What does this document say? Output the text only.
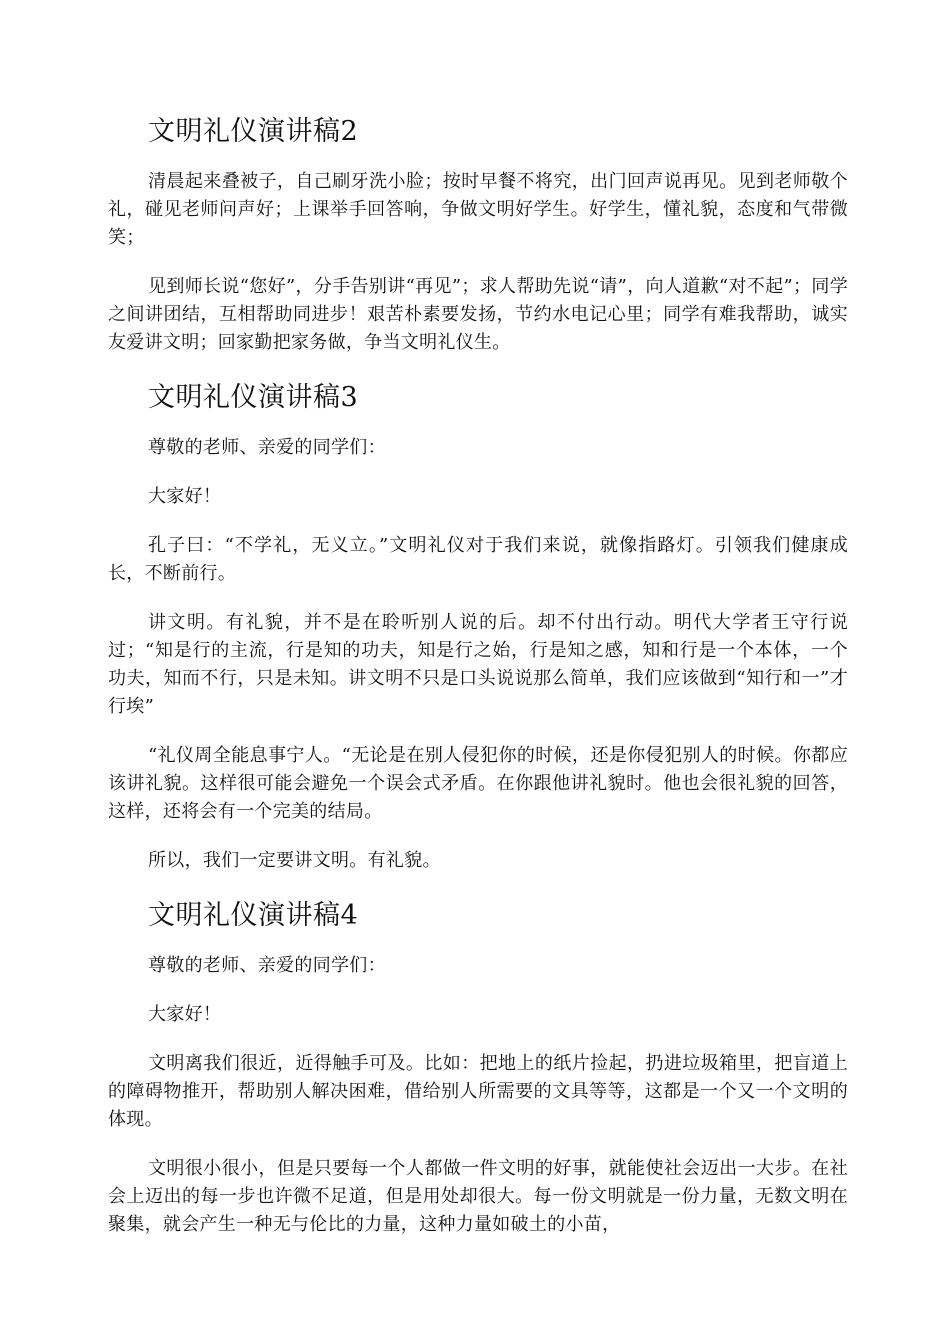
文明礼仪演讲稿2

清晨起来叠被子，自己刷牙洗小脸；按时早餐不将究，出门回声说再见。见到老师敬个礼，碰见老师问声好；上课举手回答响，争做文明好学生。好学生，懂礼貌，态度和气带微笑；

见到师长说“您好”，分手告别讲“再见”；求人帮助先说“请”，向人道歉“对不起”；同学之间讲团结，互相帮助同进步！艰苦朴素要发扬，节约水电记心里；同学有难我帮助，诚实友爱讲文明；回家勤把家务做，争当文明礼仪生。

文明礼仪演讲稿3

尊敬的老师、亲爱的同学们：

大家好！

孔子曰：“不学礼，无义立。”文明礼仪对于我们来说，就像指路灯。引领我们健康成长，不断前行。

讲文明。有礼貌，并不是在聆听别人说的后。却不付出行动。明代大学者王守行说过；“知是行的主流，行是知的功夫，知是行之始，行是知之感，知和行是一个本体，一个功夫，知而不行，只是未知。讲文明不只是口头说说那么简单，我们应该做到“知行和一”才行埃”

“礼仪周全能息事宁人。“无论是在别人侵犯你的时候，还是你侵犯别人的时候。你都应该讲礼貌。这样很可能会避免一个误会式矛盾。在你跟他讲礼貌时。他也会很礼貌的回答，这样，还将会有一个完美的结局。

所以，我们一定要讲文明。有礼貌。

文明礼仪演讲稿4

尊敬的老师、亲爱的同学们：

大家好！

文明离我们很近，近得触手可及。比如：把地上的纸片捡起，扔进垃圾箱里，把盲道上的障碍物推开，帮助别人解决困难，借给别人所需要的文具等等，这都是一个又一个文明的体现。

文明很小很小，但是只要每一个人都做一件文明的好事，就能使社会迈出一大步。在社会上迈出的每一步也许微不足道，但是用处却很大。每一份文明就是一份力量，无数文明在聚集，就会产生一种无与伦比的力量，这种力量如破土的小苗，
